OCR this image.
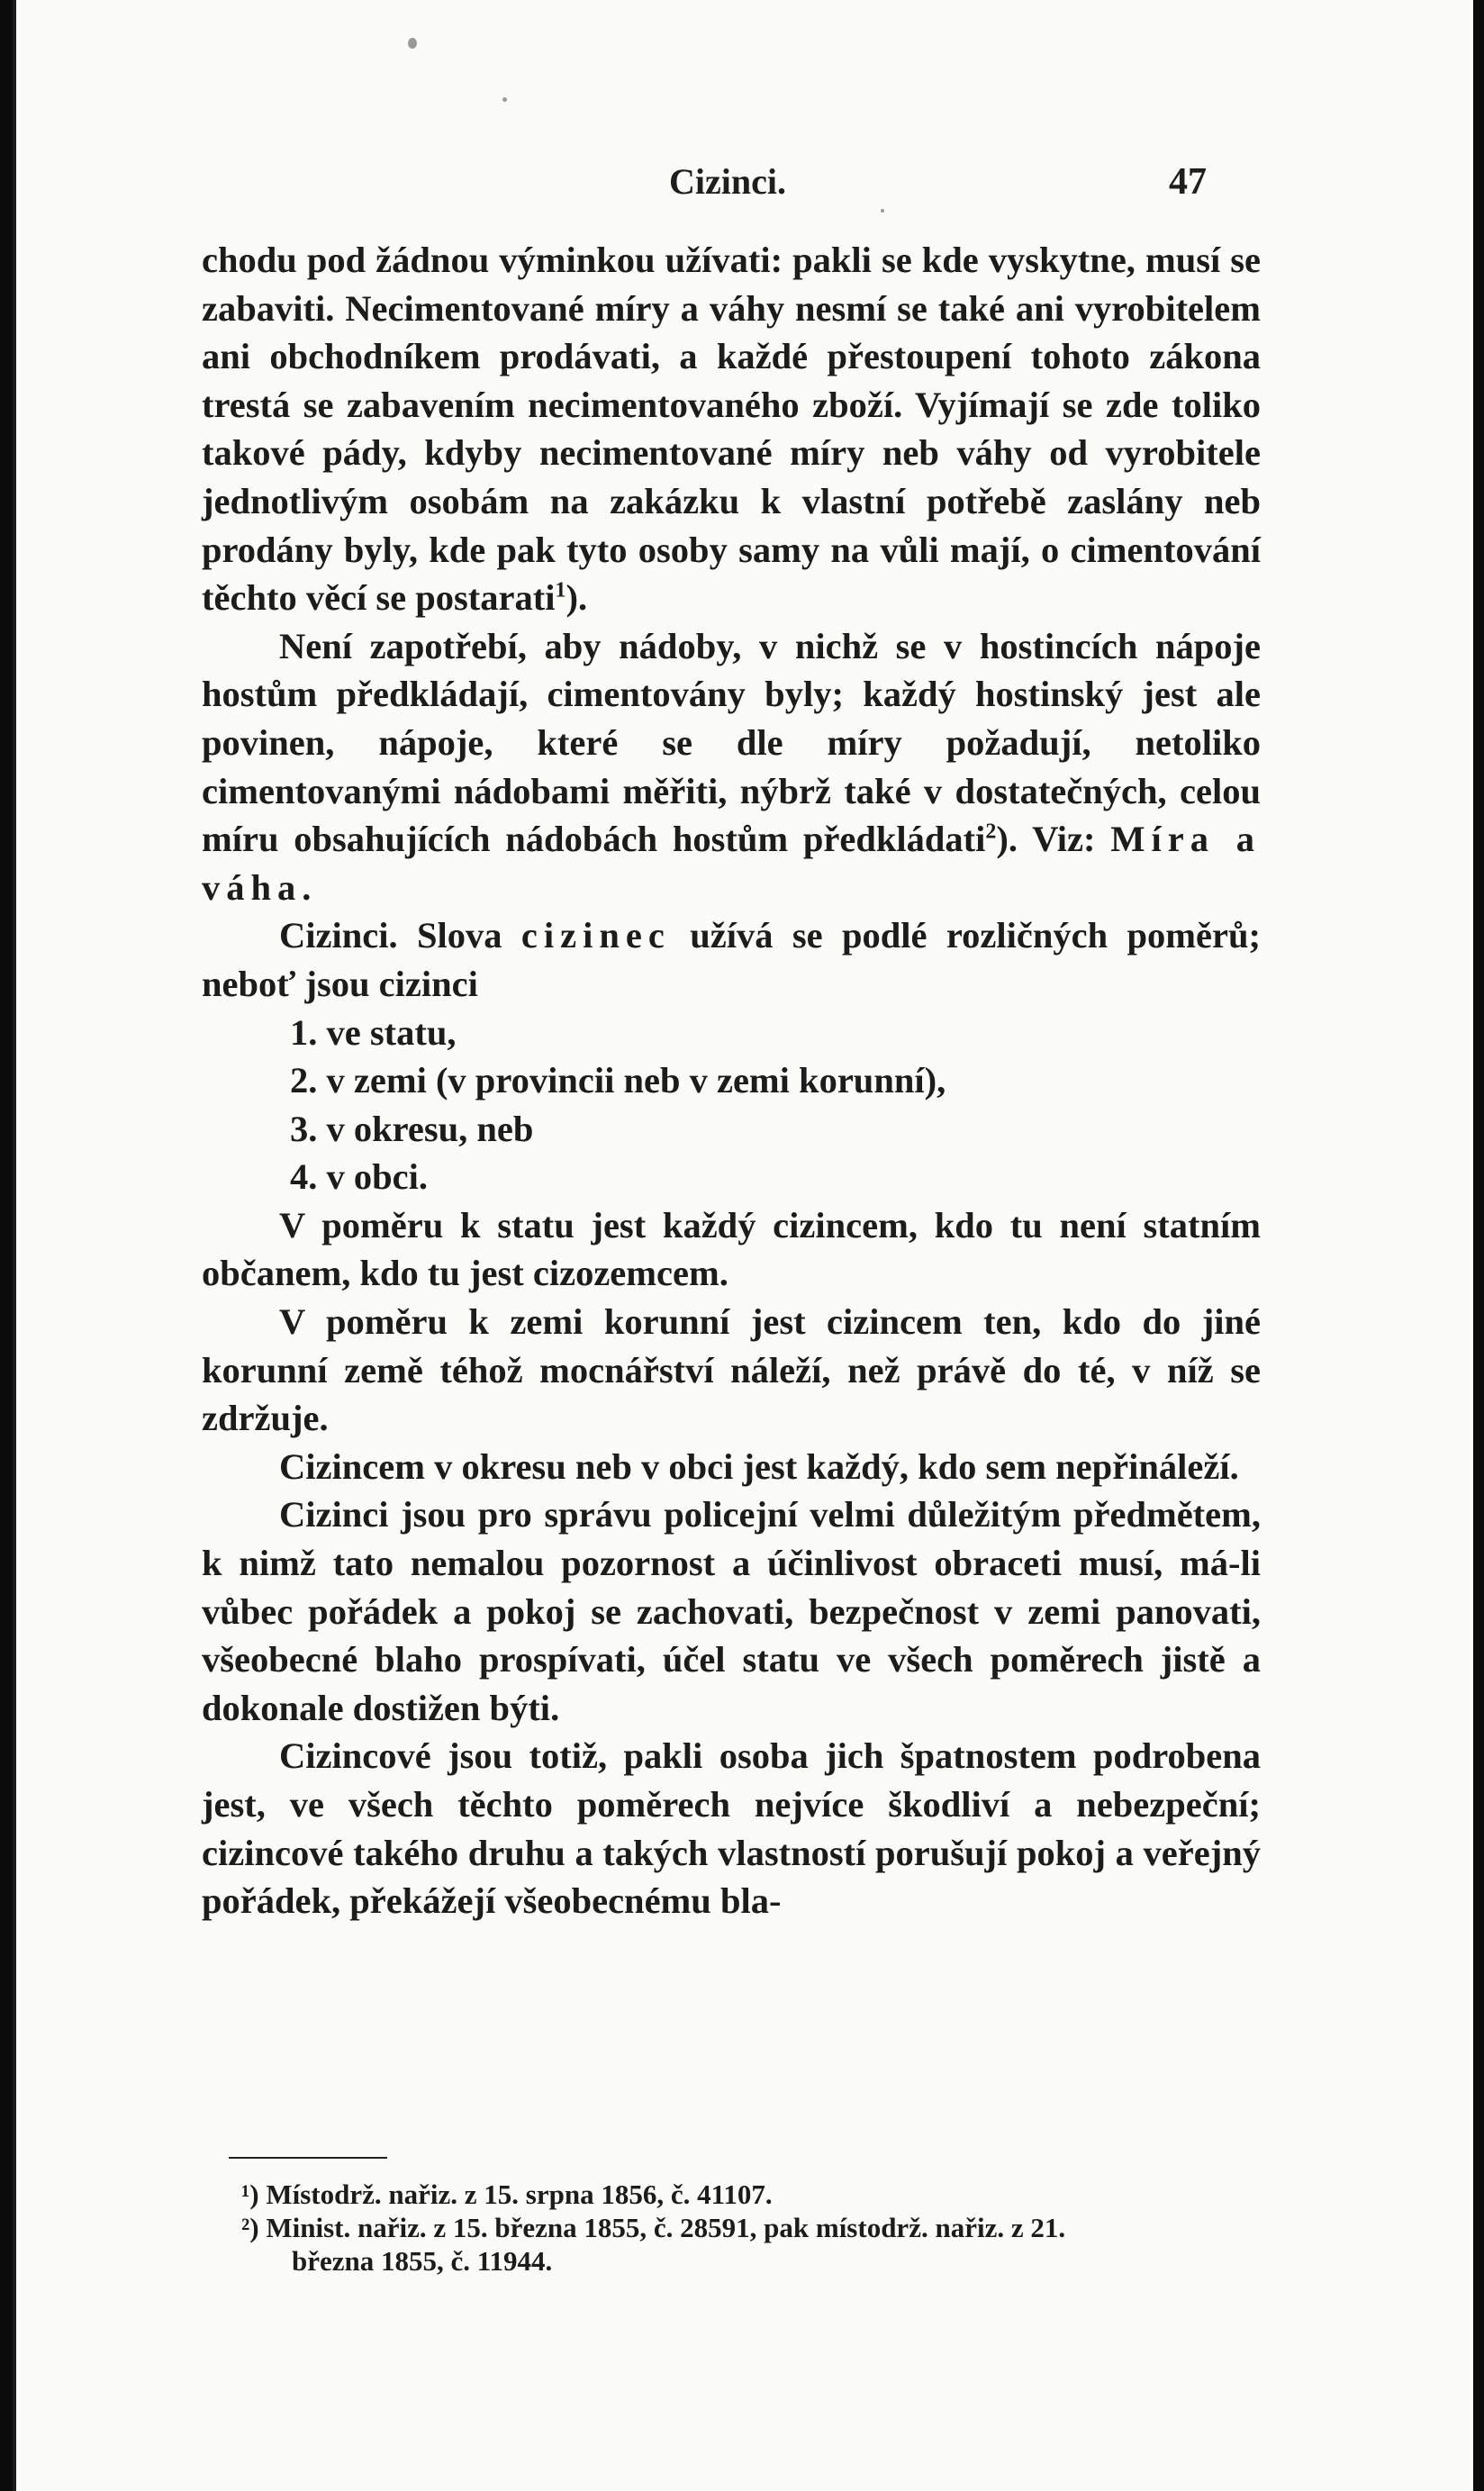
Cizinci.	47

chodu pod žádnou výminkou užívati: pakli se kde vyskytne, musí se zabaviti. Necimentované míry a váhy nesmí se také ani vyrobitelem ani obchodníkem prodávati, a každé přestoupení tohoto zákona trestá se zabavením necimentovaného zboží. Vyjímají se zde toliko takové pády, kdyby necimentované míry neb váhy od vyrobitele jednotlivým osobám na zakázku k vlastní potřebě zaslány neb prodány byly, kde pak tyto osoby samy na vůli mají, o cimentování těchto věcí se postarati$^1$).

Není zapotřebí, aby nádoby, v nichž se v hostincích nápoje hostům předkládají, cimentovány byly; každý hostinský jest ale povinen, nápoje, které se dle míry požadují, netoliko cimentovanými nádobami měřiti, nýbrž také v dostatečných, celou míru obsahujících nádobách hostům předkládati$^2$). Viz: Míra a váha.

Cizinci. Slova cizinec užívá se podlé rozličných poměrů; neboť jsou cizinci

1. ve statu,

2. v zemi (v provincii neb v zemi korunní),

3. v okresu, neb

4. v obci.

V poměru k statu jest každý cizincem, kdo tu není statním občanem, kdo tu jest cizozemcem.

V poměru k zemi korunní jest cizincem ten, kdo do jiné korunní země téhož mocnářství náleží, než právě do té, v níž se zdržuje.

Cizincem v okresu neb v obci jest každý, kdo sem nepřináleží.

Cizinci jsou pro správu policejní velmi důležitým předmětem, k nimž tato nemalou pozornost a účinlivost obraceti musí, má-li vůbec pořádek a pokoj se zachovati, bezpečnost v zemi panovati, všeobecné blaho prospívati, účel statu ve všech poměrech jistě a dokonale dostižen býti.

Cizincové jsou totiž, pakli osoba jich špatnostem podrobena jest, ve všech těchto poměrech nejvíce škodliví a nebezpeční; cizincové takého druhu a takých vlastností porušují pokoj a veřejný pořádek, překážejí všeobecnému bla-

¹) Místodrž. nařiz. z 15. srpna 1856, č. 41107.

²) Minist. nařiz. z 15. března 1855, č. 28591, pak místodrž. nařiz. z 21.

března 1855, č. 11944.
